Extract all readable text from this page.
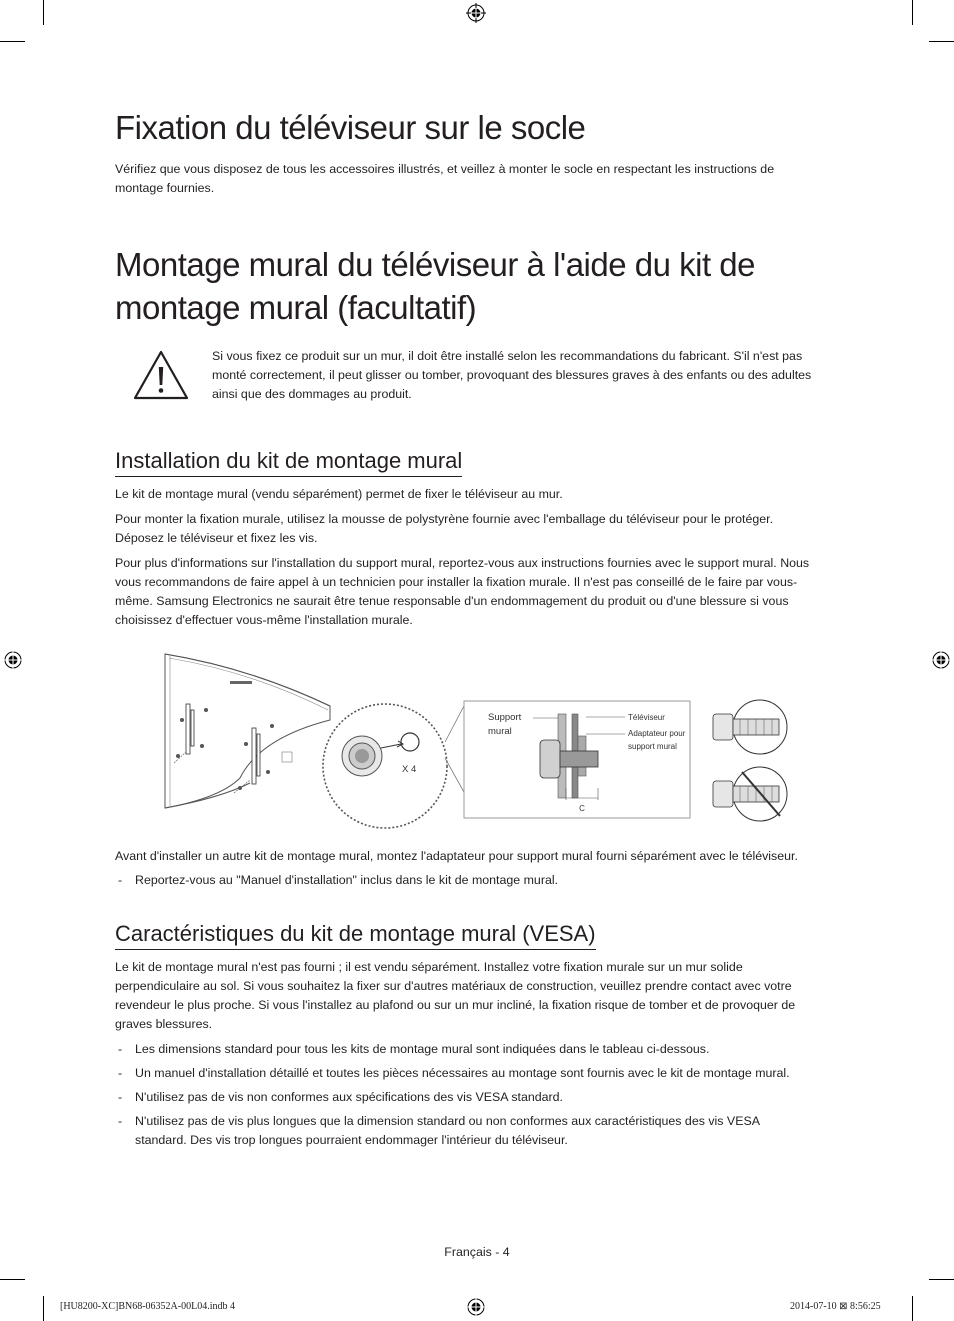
Fixation du téléviseur sur le socle

Vérifiez que vous disposez de tous les accessoires illustrés, et veillez à monter le socle en respectant les instructions de montage fournies.

Montage mural du téléviseur à l'aide du kit de
montage mural (facultatif)

Si vous fixez ce produit sur un mur, il doit être installé selon les recommandations du fabricant. S'il n'est pas monté correctement, il peut glisser ou tomber, provoquant des blessures graves à des enfants ou des adultes ainsi que des dommages au produit.

Installation du kit de montage mural

Le kit de montage mural (vendu séparément) permet de fixer le téléviseur au mur.

Pour monter la fixation murale, utilisez la mousse de polystyrène fournie avec l'emballage du téléviseur pour le protéger. Déposez le téléviseur et fixez les vis.

Pour plus d'informations sur l'installation du support mural, reportez-vous aux instructions fournies avec le support mural. Nous vous recommandons de faire appel à un technicien pour installer la fixation murale. Il n'est pas conseillé de le faire par vous-même. Samsung Electronics ne saurait être tenue responsable d'un endommagement du produit ou d'une blessure si vous choisissez d'effectuer vous-même l'installation murale.

X 4
Support
mural
Téléviseur
Adaptateur pour
support mural
C

Avant d'installer un autre kit de montage mural, montez l'adaptateur pour support mural fourni séparément avec le téléviseur.

- Reportez-vous au "Manuel d'installation" inclus dans le kit de montage mural.
Caractéristiques du kit de montage mural (VESA)

Le kit de montage mural n'est pas fourni ; il est vendu séparément. Installez votre fixation murale sur un mur solide perpendiculaire au sol. Si vous souhaitez la fixer sur d'autres matériaux de construction, veuillez prendre contact avec votre revendeur le plus proche. Si vous l'installez au plafond ou sur un mur incliné, la fixation risque de tomber et de provoquer de graves blessures.

- Les dimensions standard pour tous les kits de montage mural sont indiquées dans le tableau ci-dessous.
- Un manuel d'installation détaillé et toutes les pièces nécessaires au montage sont fournis avec le kit de montage mural.
- N'utilisez pas de vis non conformes aux spécifications des vis VESA standard.
- N'utilisez pas de vis plus longues que la dimension standard ou non conformes aux caractéristiques des vis VESA standard. Des vis trop longues pourraient endommager l'intérieur du téléviseur.
Français - 4
[HU8200-XC]BN68-06352A-00L04.indb 4	2014-07-10 ⊠ 8:56:25
